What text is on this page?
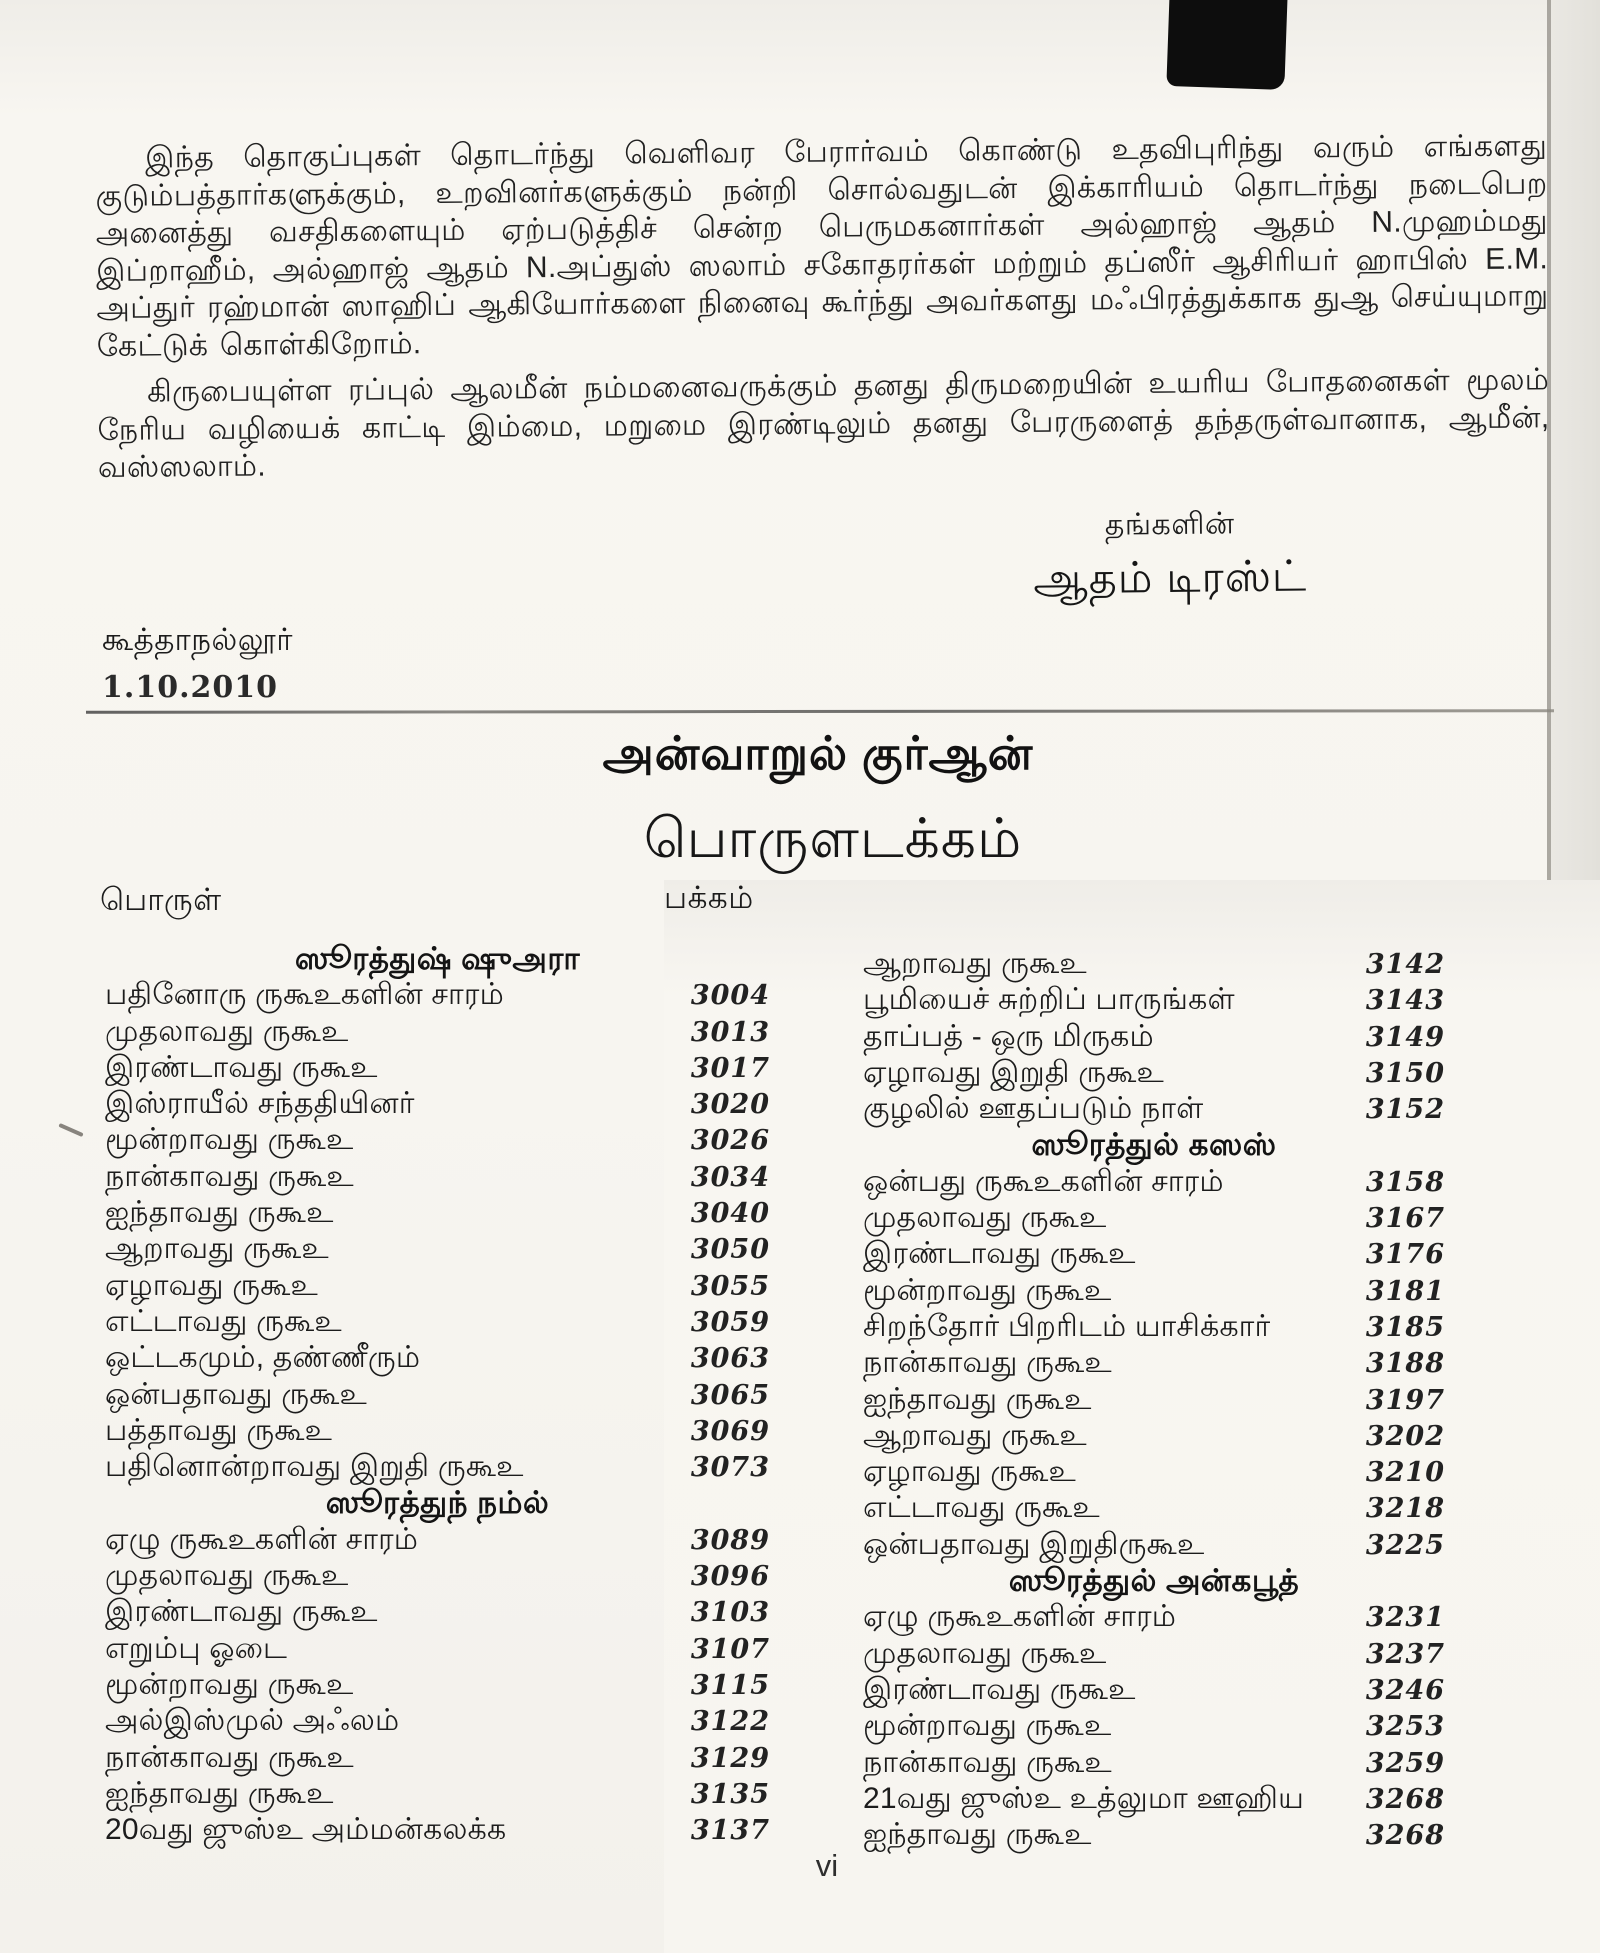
இந்த தொகுப்புகள் தொடர்ந்து வெளிவர பேரார்வம் கொண்டு உதவிபுரிந்து வரும் எங்களது குடும்பத்தார்களுக்கும், உறவினர்களுக்கும் நன்றி சொல்வதுடன் இக்காரியம் தொடர்ந்து நடைபெற அனைத்து வசதிகளையும் ஏற்படுத்திச் சென்ற பெருமகனார்கள் அல்ஹாஜ் ஆதம் N.முஹம்மது இப்றாஹீம், அல்ஹாஜ் ஆதம் N.அப்துஸ் ஸலாம் சகோதரர்கள் மற்றும் தப்ஸீர் ஆசிரியர் ஹாபிஸ் E.M. அப்துர் ரஹ்மான் ஸாஹிப் ஆகியோர்களை நினைவு கூர்ந்து அவர்களது மஃபிரத்துக்காக துஆ செய்யுமாறு கேட்டுக் கொள்கிறோம்.

கிருபையுள்ள ரப்புல் ஆலமீன் நம்மனைவருக்கும் தனது திருமறையின் உயரிய போதனைகள் மூலம் நேரிய வழியைக் காட்டி இம்மை, மறுமை இரண்டிலும் தனது பேரருளைத் தந்தருள்வானாக, ஆமீன், வஸ்ஸலாம்.

தங்களின்
ஆதம் டிரஸ்ட்
கூத்தாநல்லூர்
1.10.2010
அன்வாறுல் குர்ஆன்
பொருளடக்கம்
பொருள்	பக்கம்
ஸூரத்துஷ் ஷுஅரா
பதினோரு ருகூஉகளின் சாரம்	3004
முதலாவது ருகூஉ	3013
இரண்டாவது ருகூஉ	3017
இஸ்ராயீல் சந்ததியினர்	3020
மூன்றாவது ருகூஉ	3026
நான்காவது ருகூஉ	3034
ஐந்தாவது ருகூஉ	3040
ஆறாவது ருகூஉ	3050
ஏழாவது ருகூஉ	3055
எட்டாவது ருகூஉ	3059
ஒட்டகமும், தண்ணீரும்	3063
ஒன்பதாவது ருகூஉ	3065
பத்தாவது ருகூஉ	3069
பதினொன்றாவது இறுதி ருகூஉ	3073
ஸூரத்துந் நம்ல்
ஏழு ருகூஉகளின் சாரம்	3089
முதலாவது ருகூஉ	3096
இரண்டாவது ருகூஉ	3103
எறும்பு ஓடை	3107
மூன்றாவது ருகூஉ	3115
அல்இஸ்முல் அஃலம்	3122
நான்காவது ருகூஉ	3129
ஐந்தாவது ருகூஉ	3135
20வது ஜுஸ்உ அம்மன்கலக்க	3137
ஆறாவது ருகூஉ	3142
பூமியைச் சுற்றிப் பாருங்கள்	3143
தாப்பத் - ஒரு மிருகம்	3149
ஏழாவது இறுதி ருகூஉ	3150
குழலில் ஊதப்படும் நாள்	3152
ஸூரத்துல் கஸஸ்
ஒன்பது ருகூஉகளின் சாரம்	3158
முதலாவது ருகூஉ	3167
இரண்டாவது ருகூஉ	3176
மூன்றாவது ருகூஉ	3181
சிறந்தோர் பிறரிடம் யாசிக்கார்	3185
நான்காவது ருகூஉ	3188
ஐந்தாவது ருகூஉ	3197
ஆறாவது ருகூஉ	3202
ஏழாவது ருகூஉ	3210
எட்டாவது ருகூஉ	3218
ஒன்பதாவது இறுதிருகூஉ	3225
ஸூரத்துல் அன்கபூத்
ஏழு ருகூஉகளின் சாரம்	3231
முதலாவது ருகூஉ	3237
இரண்டாவது ருகூஉ	3246
மூன்றாவது ருகூஉ	3253
நான்காவது ருகூஉ	3259
21வது ஜுஸ்உ உத்லுமா ஊஹிய 3268
ஐந்தாவது ருகூஉ	3268
vi
